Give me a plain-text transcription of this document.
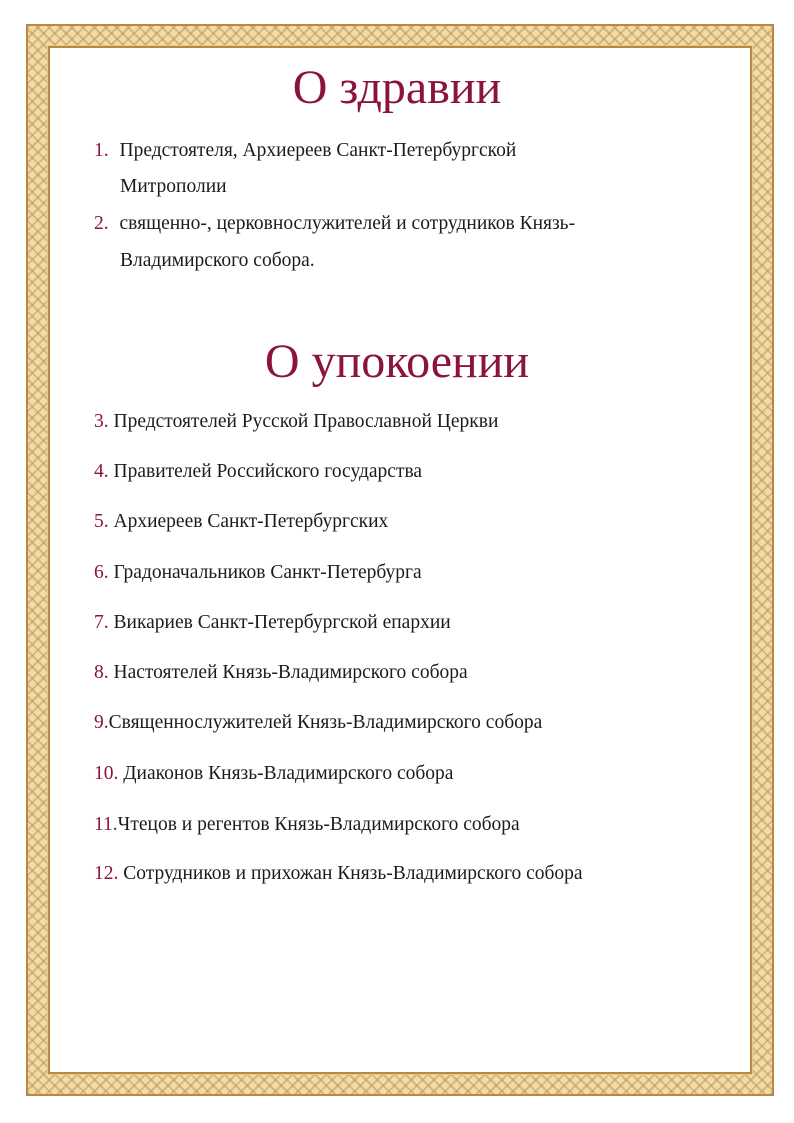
О здравии
1. Предстоятеля, Архиереев Санкт-Петербургской
Митрополии
2. священно-, церковнослужителей и сотрудников Князь-
Владимирского собора.
О упокоении
3. Предстоятелей Русской Православной Церкви
4. Правителей Российского государства
5. Архиереев Санкт-Петербургских
6. Градоначальников Санкт-Петербурга
7. Викариев Санкт-Петербургской епархии
8. Настоятелей Князь-Владимирского собора
9.Священнослужителей Князь-Владимирского собора
10. Диаконов Князь-Владимирского собора
11.Чтецов и регентов Князь-Владимирского собора
12. Сотрудников и прихожан Князь-Владимирского собора
